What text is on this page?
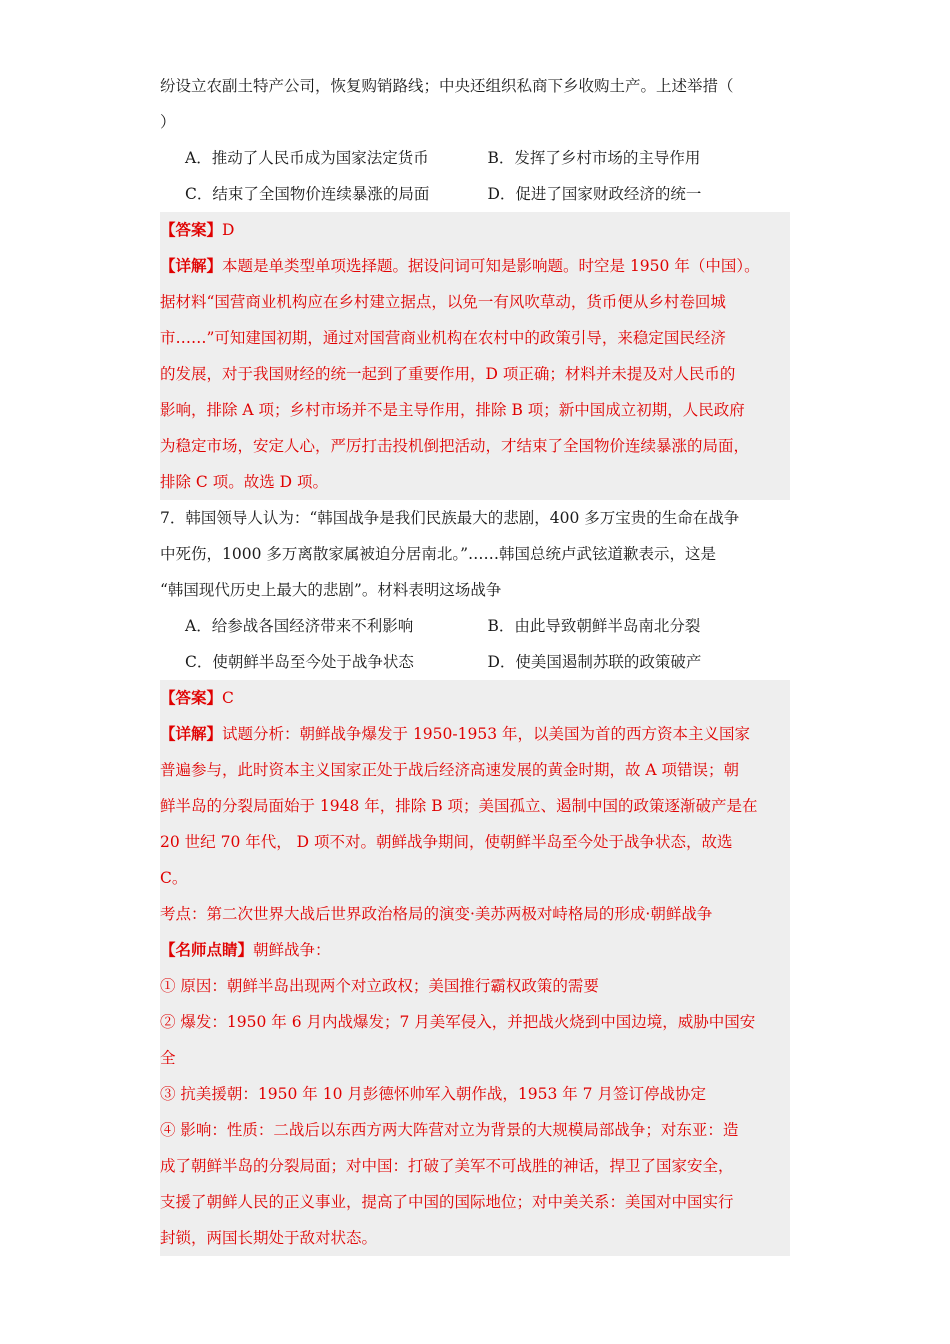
纷设立农副土特产公司，恢复购销路线；中央还组织私商下乡收购土产。上述举措（
）
A．推动了人民币成为国家法定货币	B．发挥了乡村市场的主导作用
C．结束了全国物价连续暴涨的局面	D．促进了国家财政经济的统一
【答案】D
【详解】本题是单类型单项选择题。据设问词可知是影响题。时空是 1950 年（中国）。
据材料“国营商业机构应在乡村建立据点，以免一有风吹草动，货币便从乡村卷回城
市……”可知建国初期，通过对国营商业机构在农村中的政策引导，来稳定国民经济
的发展，对于我国财经的统一起到了重要作用，D 项正确；材料并未提及对人民币的
影响，排除 A 项；乡村市场并不是主导作用，排除 B 项；新中国成立初期，人民政府
为稳定市场，安定人心，严厉打击投机倒把活动，才结束了全国物价连续暴涨的局面，
排除 C 项。故选 D 项。
7．韩国领导人认为：“韩国战争是我们民族最大的悲剧，400 多万宝贵的生命在战争
中死伤，1000 多万离散家属被迫分居南北。”……韩国总统卢武铉道歉表示，这是
“韩国现代历史上最大的悲剧”。材料表明这场战争
A．给参战各国经济带来不利影响	B．由此导致朝鲜半岛南北分裂
C．使朝鲜半岛至今处于战争状态	D．使美国遏制苏联的政策破产
【答案】C
【详解】试题分析：朝鲜战争爆发于 1950-1953 年，以美国为首的西方资本主义国家
普遍参与，此时资本主义国家正处于战后经济高速发展的黄金时期，故 A 项错误；朝
鲜半岛的分裂局面始于 1948 年，排除 B 项；美国孤立、遏制中国的政策逐渐破产是在
20 世纪 70 年代， D 项不对。朝鲜战争期间，使朝鲜半岛至今处于战争状态，故选
C。
考点：第二次世界大战后世界政治格局的演变·美苏两极对峙格局的形成·朝鲜战争
【名师点睛】朝鲜战争：
① 原因：朝鲜半岛出现两个对立政权；美国推行霸权政策的需要
② 爆发：1950 年 6 月内战爆发；7 月美军侵入，并把战火烧到中国边境，威胁中国安
全
③ 抗美援朝：1950 年 10 月彭德怀帅军入朝作战，1953 年 7 月签订停战协定
④ 影响：性质：二战后以东西方两大阵营对立为背景的大规模局部战争；对东亚：造
成了朝鲜半岛的分裂局面；对中国：打破了美军不可战胜的神话，捍卫了国家安全，
支援了朝鲜人民的正义事业，提高了中国的国际地位；对中美关系：美国对中国实行
封锁，两国长期处于敌对状态。
